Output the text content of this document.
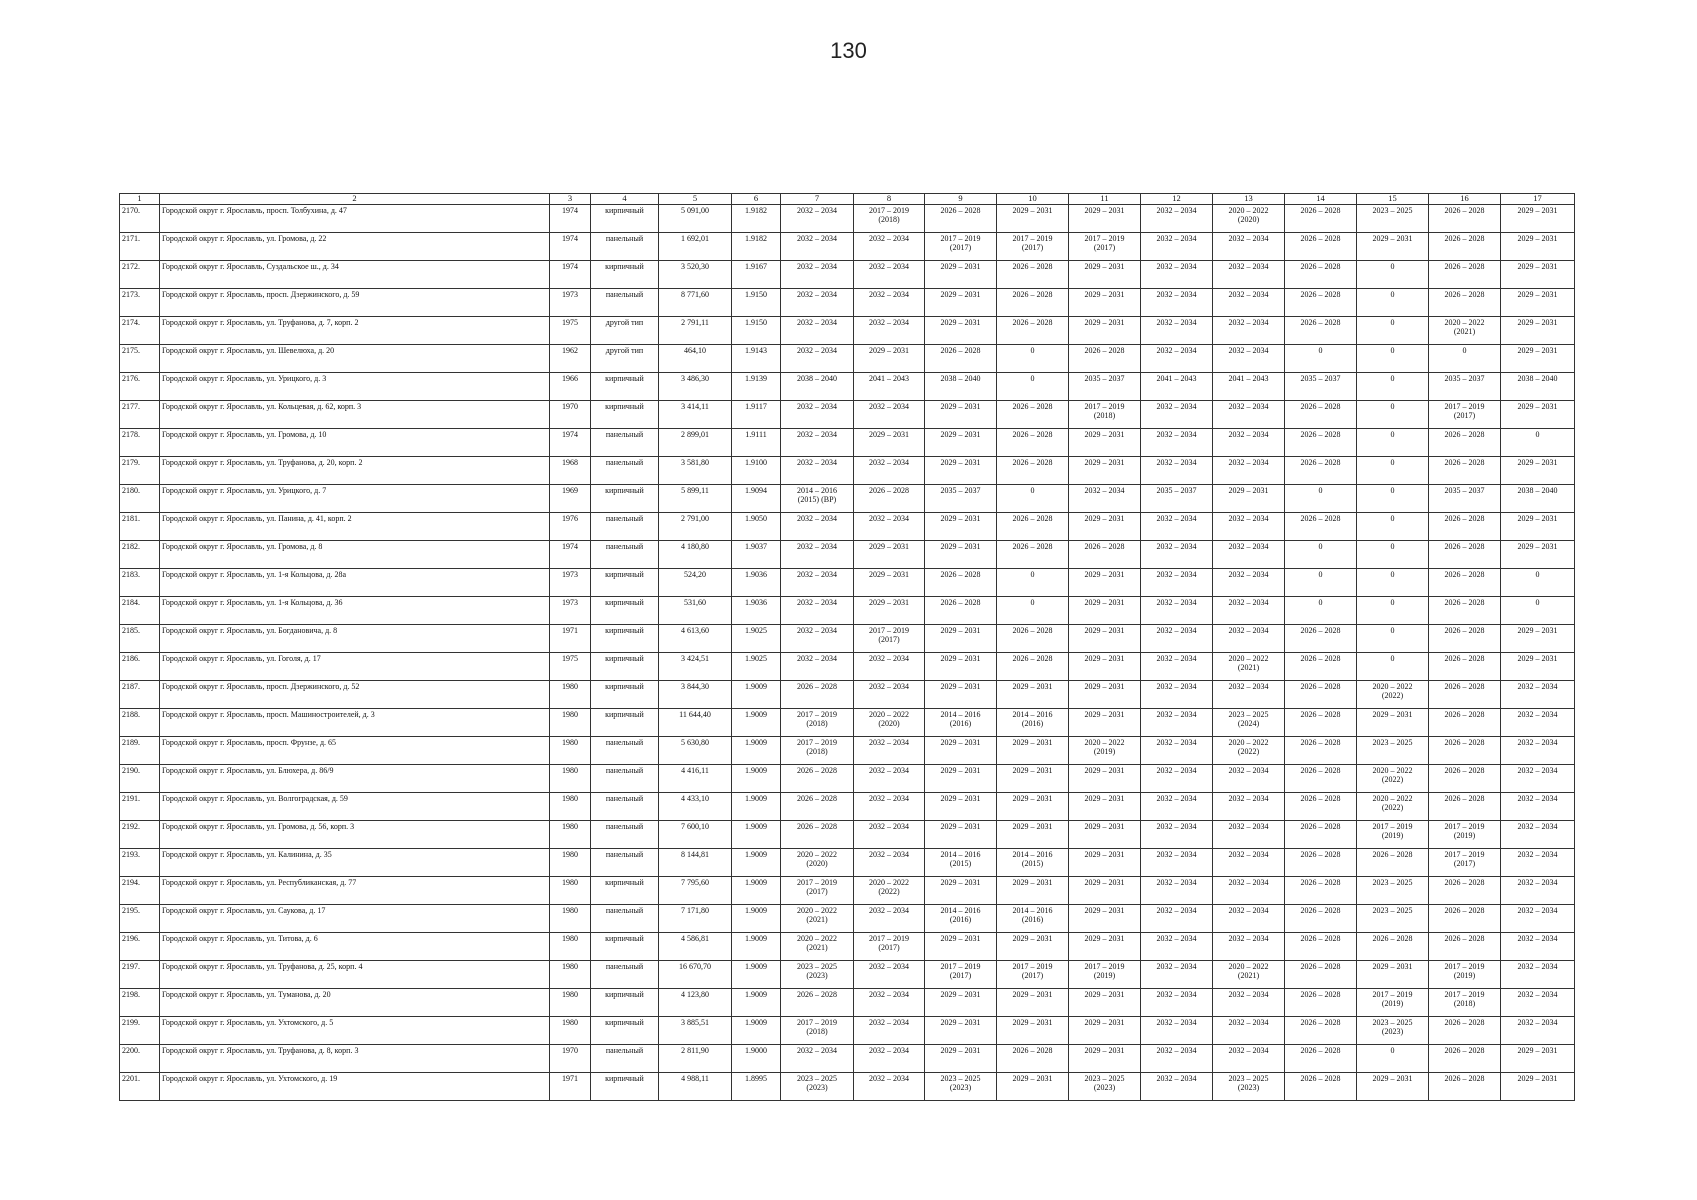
130
1	2	3	4	5	6	7	8	9	10	11	12	13	14	15	16	17

2170.	Городской округ г. Ярославль, просп. Толбухина, д. 47	1974	кирпичный	5 091,00	1.9182	2032 – 2034	2017 – 2019
(2018)	2026 – 2028	2029 – 2031	2029 – 2031	2032 – 2034	2020 – 2022
(2020)	2026 – 2028	2023 – 2025	2026 – 2028	2029 – 2031

2171.	Городской округ г. Ярославль, ул. Громова, д. 22	1974	панельный	1 692,01	1.9182	2032 – 2034	2032 – 2034	2017 – 2019
(2017)	2017 – 2019
(2017)	2017 – 2019
(2017)	2032 – 2034	2032 – 2034	2026 – 2028	2029 – 2031	2026 – 2028	2029 – 2031

2172.	Городской округ г. Ярославль, Суздальское ш., д. 34	1974	кирпичный	3 520,30	1.9167	2032 – 2034	2032 – 2034	2029 – 2031	2026 – 2028	2029 – 2031	2032 – 2034	2032 – 2034	2026 – 2028	0	2026 – 2028	2029 – 2031

2173.	Городской округ г. Ярославль, просп. Дзержинского, д. 59	1973	панельный	8 771,60	1.9150	2032 – 2034	2032 – 2034	2029 – 2031	2026 – 2028	2029 – 2031	2032 – 2034	2032 – 2034	2026 – 2028	0	2026 – 2028	2029 – 2031

2174.	Городской округ г. Ярославль, ул. Труфанова, д. 7, корп. 2	1975	другой тип	2 791,11	1.9150	2032 – 2034	2032 – 2034	2029 – 2031	2026 – 2028	2029 – 2031	2032 – 2034	2032 – 2034	2026 – 2028	0	2020 – 2022
(2021)	2029 – 2031

2175.	Городской округ г. Ярославль, ул. Шевелюха, д. 20	1962	другой тип	464,10	1.9143	2032 – 2034	2029 – 2031	2026 – 2028	0	2026 – 2028	2032 – 2034	2032 – 2034	0	0	0	2029 – 2031

2176.	Городской округ г. Ярославль, ул. Урицкого, д. 3	1966	кирпичный	3 486,30	1.9139	2038 – 2040	2041 – 2043	2038 – 2040	0	2035 – 2037	2041 – 2043	2041 – 2043	2035 – 2037	0	2035 – 2037	2038 – 2040

2177.	Городской округ г. Ярославль, ул. Кольцевая, д. 62, корп. 3	1970	кирпичный	3 414,11	1.9117	2032 – 2034	2032 – 2034	2029 – 2031	2026 – 2028	2017 – 2019
(2018)	2032 – 2034	2032 – 2034	2026 – 2028	0	2017 – 2019
(2017)	2029 – 2031

2178.	Городской округ г. Ярославль, ул. Громова, д. 10	1974	панельный	2 899,01	1.9111	2032 – 2034	2029 – 2031	2029 – 2031	2026 – 2028	2029 – 2031	2032 – 2034	2032 – 2034	2026 – 2028	0	2026 – 2028	0

2179.	Городской округ г. Ярославль, ул. Труфанова, д. 20, корп. 2	1968	панельный	3 581,80	1.9100	2032 – 2034	2032 – 2034	2029 – 2031	2026 – 2028	2029 – 2031	2032 – 2034	2032 – 2034	2026 – 2028	0	2026 – 2028	2029 – 2031

2180.	Городской округ г. Ярославль, ул. Урицкого, д. 7	1969	кирпичный	5 899,11	1.9094	2014 – 2016
(2015) (ВР)	2026 – 2028	2035 – 2037	0	2032 – 2034	2035 – 2037	2029 – 2031	0	0	2035 – 2037	2038 – 2040

2181.	Городской округ г. Ярославль, ул. Панина, д. 41, корп. 2	1976	панельный	2 791,00	1.9050	2032 – 2034	2032 – 2034	2029 – 2031	2026 – 2028	2029 – 2031	2032 – 2034	2032 – 2034	2026 – 2028	0	2026 – 2028	2029 – 2031

2182.	Городской округ г. Ярославль, ул. Громова, д. 8	1974	панельный	4 180,80	1.9037	2032 – 2034	2029 – 2031	2029 – 2031	2026 – 2028	2026 – 2028	2032 – 2034	2032 – 2034	0	0	2026 – 2028	2029 – 2031

2183.	Городской округ г. Ярославль, ул. 1-я Кольцова, д. 28а	1973	кирпичный	524,20	1.9036	2032 – 2034	2029 – 2031	2026 – 2028	0	2029 – 2031	2032 – 2034	2032 – 2034	0	0	2026 – 2028	0

2184.	Городской округ г. Ярославль, ул. 1-я Кольцова, д. 36	1973	кирпичный	531,60	1.9036	2032 – 2034	2029 – 2031	2026 – 2028	0	2029 – 2031	2032 – 2034	2032 – 2034	0	0	2026 – 2028	0

2185.	Городской округ г. Ярославль, ул. Богдановича, д. 8	1971	кирпичный	4 613,60	1.9025	2032 – 2034	2017 – 2019
(2017)	2029 – 2031	2026 – 2028	2029 – 2031	2032 – 2034	2032 – 2034	2026 – 2028	0	2026 – 2028	2029 – 2031

2186.	Городской округ г. Ярославль, ул. Гоголя, д. 17	1975	кирпичный	3 424,51	1.9025	2032 – 2034	2032 – 2034	2029 – 2031	2026 – 2028	2029 – 2031	2032 – 2034	2020 – 2022
(2021)	2026 – 2028	0	2026 – 2028	2029 – 2031

2187.	Городской округ г. Ярославль, просп. Дзержинского, д. 52	1980	кирпичный	3 844,30	1.9009	2026 – 2028	2032 – 2034	2029 – 2031	2029 – 2031	2029 – 2031	2032 – 2034	2032 – 2034	2026 – 2028	2020 – 2022
(2022)	2026 – 2028	2032 – 2034

2188.	Городской округ г. Ярославль, просп. Машиностроителей, д. 3	1980	кирпичный	11 644,40	1.9009	2017 – 2019
(2018)	2020 – 2022
(2020)	2014 – 2016
(2016)	2014 – 2016
(2016)	2029 – 2031	2032 – 2034	2023 – 2025
(2024)	2026 – 2028	2029 – 2031	2026 – 2028	2032 – 2034

2189.	Городской округ г. Ярославль, просп. Фрунзе, д. 65	1980	панельный	5 630,80	1.9009	2017 – 2019
(2018)	2032 – 2034	2029 – 2031	2029 – 2031	2020 – 2022
(2019)	2032 – 2034	2020 – 2022
(2022)	2026 – 2028	2023 – 2025	2026 – 2028	2032 – 2034

2190.	Городской округ г. Ярославль, ул. Блюхера, д. 86/9	1980	панельный	4 416,11	1.9009	2026 – 2028	2032 – 2034	2029 – 2031	2029 – 2031	2029 – 2031	2032 – 2034	2032 – 2034	2026 – 2028	2020 – 2022
(2022)	2026 – 2028	2032 – 2034

2191.	Городской округ г. Ярославль, ул. Волгоградская, д. 59	1980	панельный	4 433,10	1.9009	2026 – 2028	2032 – 2034	2029 – 2031	2029 – 2031	2029 – 2031	2032 – 2034	2032 – 2034	2026 – 2028	2020 – 2022
(2022)	2026 – 2028	2032 – 2034

2192.	Городской округ г. Ярославль, ул. Громова, д. 56, корп. 3	1980	панельный	7 600,10	1.9009	2026 – 2028	2032 – 2034	2029 – 2031	2029 – 2031	2029 – 2031	2032 – 2034	2032 – 2034	2026 – 2028	2017 – 2019
(2019)	2017 – 2019
(2019)	2032 – 2034

2193.	Городской округ г. Ярославль, ул. Калинина, д. 35	1980	панельный	8 144,81	1.9009	2020 – 2022
(2020)	2032 – 2034	2014 – 2016
(2015)	2014 – 2016
(2015)	2029 – 2031	2032 – 2034	2032 – 2034	2026 – 2028	2026 – 2028	2017 – 2019
(2017)	2032 – 2034

2194.	Городской округ г. Ярославль, ул. Республиканская, д. 77	1980	кирпичный	7 795,60	1.9009	2017 – 2019
(2017)	2020 – 2022
(2022)	2029 – 2031	2029 – 2031	2029 – 2031	2032 – 2034	2032 – 2034	2026 – 2028	2023 – 2025	2026 – 2028	2032 – 2034

2195.	Городской округ г. Ярославль, ул. Саукова, д. 17	1980	панельный	7 171,80	1.9009	2020 – 2022
(2021)	2032 – 2034	2014 – 2016
(2016)	2014 – 2016
(2016)	2029 – 2031	2032 – 2034	2032 – 2034	2026 – 2028	2023 – 2025	2026 – 2028	2032 – 2034

2196.	Городской округ г. Ярославль, ул. Титова, д. 6	1980	кирпичный	4 586,81	1.9009	2020 – 2022
(2021)	2017 – 2019
(2017)	2029 – 2031	2029 – 2031	2029 – 2031	2032 – 2034	2032 – 2034	2026 – 2028	2026 – 2028	2026 – 2028	2032 – 2034

2197.	Городской округ г. Ярославль, ул. Труфанова, д. 25, корп. 4	1980	панельный	16 670,70	1.9009	2023 – 2025
(2023)	2032 – 2034	2017 – 2019
(2017)	2017 – 2019
(2017)	2017 – 2019
(2019)	2032 – 2034	2020 – 2022
(2021)	2026 – 2028	2029 – 2031	2017 – 2019
(2019)	2032 – 2034

2198.	Городской округ г. Ярославль, ул. Туманова, д. 20	1980	кирпичный	4 123,80	1.9009	2026 – 2028	2032 – 2034	2029 – 2031	2029 – 2031	2029 – 2031	2032 – 2034	2032 – 2034	2026 – 2028	2017 – 2019
(2019)	2017 – 2019
(2018)	2032 – 2034

2199.	Городской округ г. Ярославль, ул. Ухтомского, д. 5	1980	кирпичный	3 885,51	1.9009	2017 – 2019
(2018)	2032 – 2034	2029 – 2031	2029 – 2031	2029 – 2031	2032 – 2034	2032 – 2034	2026 – 2028	2023 – 2025
(2023)	2026 – 2028	2032 – 2034

2200.	Городской округ г. Ярославль, ул. Труфанова, д. 8, корп. 3	1970	панельный	2 811,90	1.9000	2032 – 2034	2032 – 2034	2029 – 2031	2026 – 2028	2029 – 2031	2032 – 2034	2032 – 2034	2026 – 2028	0	2026 – 2028	2029 – 2031

2201.	Городской округ г. Ярославль, ул. Ухтомского, д. 19	1971	кирпичный	4 988,11	1.8995	2023 – 2025
(2023)	2032 – 2034	2023 – 2025
(2023)	2029 – 2031	2023 – 2025
(2023)	2032 – 2034	2023 – 2025
(2023)	2026 – 2028	2029 – 2031	2026 – 2028	2029 – 2031
